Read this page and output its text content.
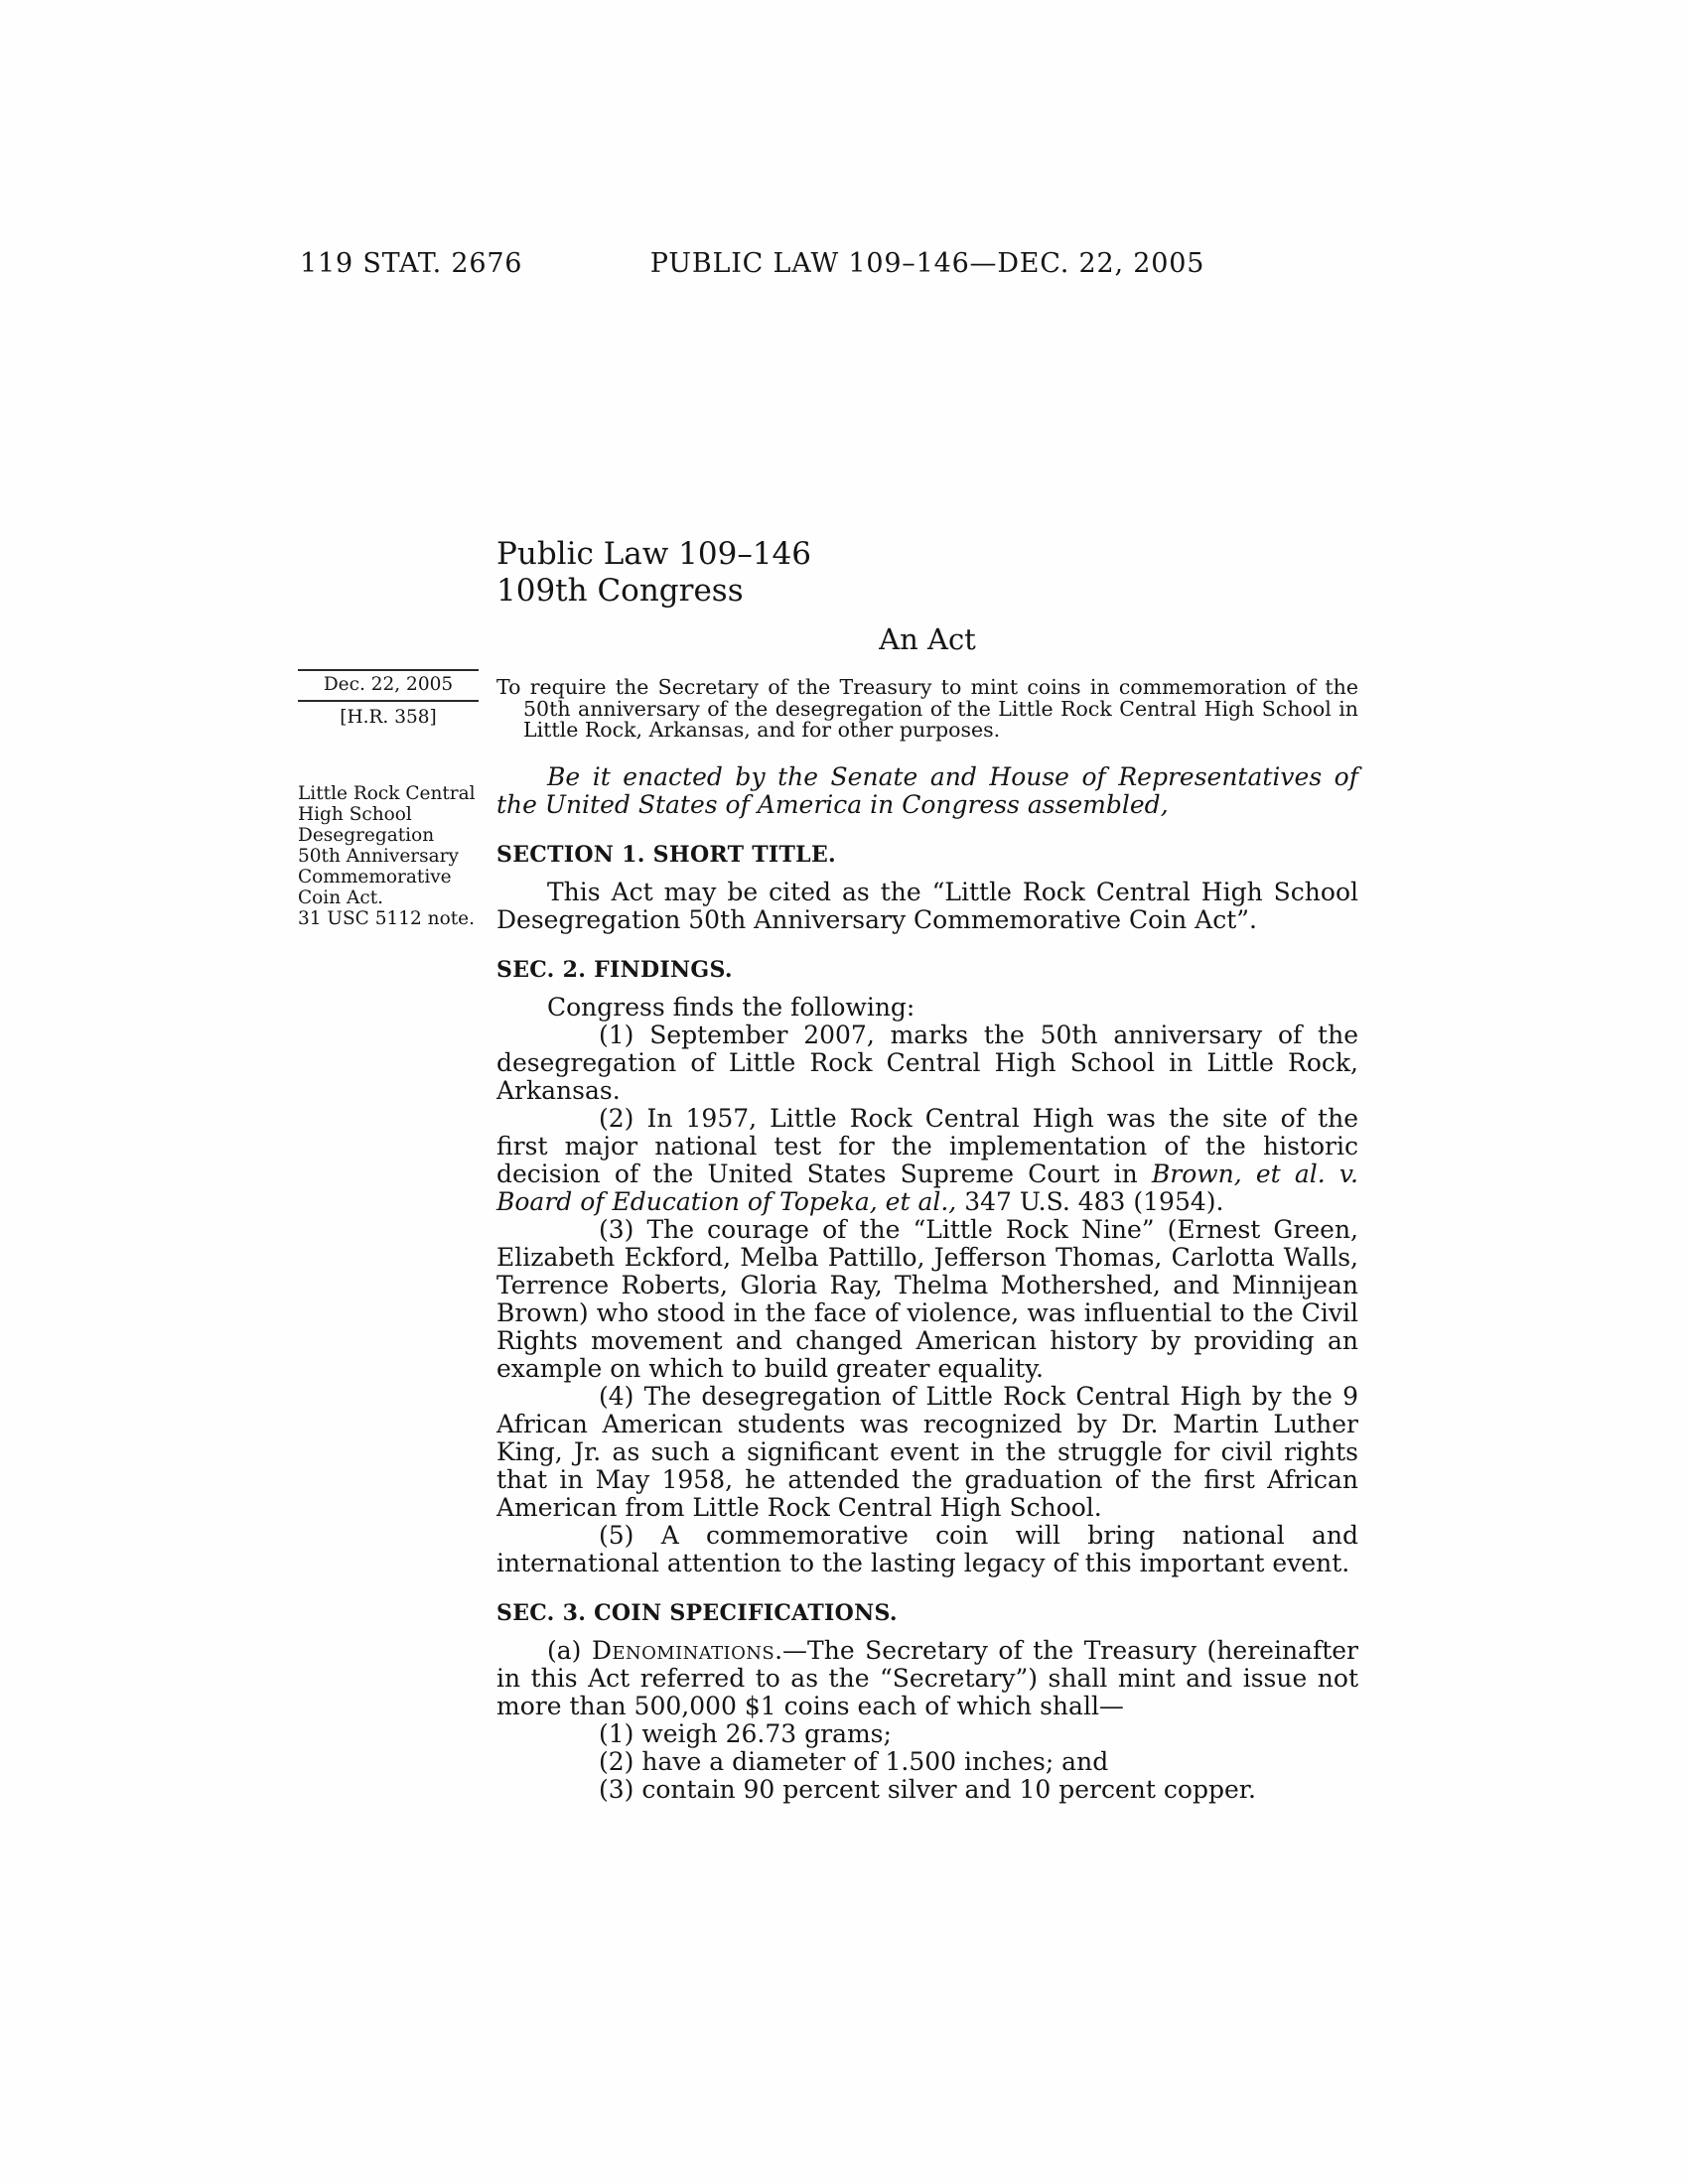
119 STAT. 2676	PUBLIC LAW 109–146—DEC. 22, 2005
Dec. 22, 2005
[H.R. 358]
Little Rock Central High School Desegregation 50th Anniversary Commemorative Coin Act.
31 USC 5112 note.
Public Law 109–146
109th Congress
An Act

To require the Secretary of the Treasury to mint coins in commemoration of the 50th anniversary of the desegregation of the Little Rock Central High School in Little Rock, Arkansas, and for other purposes.

Be it enacted by the Senate and House of Representatives of the United States of America in Congress assembled,

SECTION 1. SHORT TITLE.

This Act may be cited as the “Little Rock Central High School Desegregation 50th Anniversary Commemorative Coin Act”.

SEC. 2. FINDINGS.

Congress finds the following:

(1) September 2007, marks the 50th anniversary of the desegregation of Little Rock Central High School in Little Rock, Arkansas.

(2) In 1957, Little Rock Central High was the site of the first major national test for the implementation of the historic decision of the United States Supreme Court in Brown, et al. v. Board of Education of Topeka, et al., 347 U.S. 483 (1954).

(3) The courage of the “Little Rock Nine” (Ernest Green, Elizabeth Eckford, Melba Pattillo, Jefferson Thomas, Carlotta Walls, Terrence Roberts, Gloria Ray, Thelma Mothershed, and Minnijean Brown) who stood in the face of violence, was influential to the Civil Rights movement and changed American history by providing an example on which to build greater equality.

(4) The desegregation of Little Rock Central High by the 9 African American students was recognized by Dr. Martin Luther King, Jr. as such a significant event in the struggle for civil rights that in May 1958, he attended the graduation of the first African American from Little Rock Central High School.

(5) A commemorative coin will bring national and international attention to the lasting legacy of this important event.

SEC. 3. COIN SPECIFICATIONS.

(a) Denominations.—The Secretary of the Treasury (hereinafter in this Act referred to as the “Secretary”) shall mint and issue not more than 500,000 $1 coins each of which shall—

(1) weigh 26.73 grams;

(2) have a diameter of 1.500 inches; and

(3) contain 90 percent silver and 10 percent copper.
